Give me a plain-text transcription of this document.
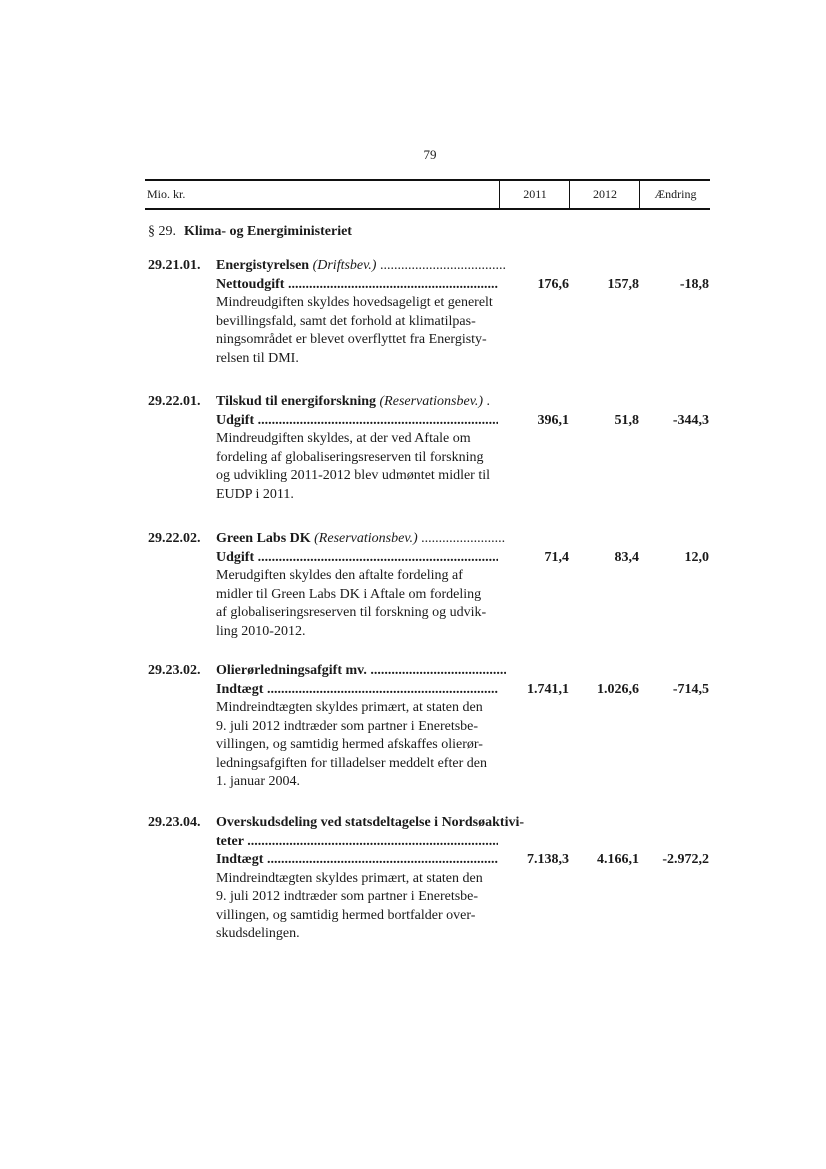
79
Mio. kr.	2011	2012	Ændring
§ 29. Klima- og Energiministeriet
29.21.01. Energistyrelsen (Driftsbev.) .....
Nettoudgift .....
Mindreudgiften skyldes hovedsageligt et generelt
bevillingsfald, samt det forhold at klimatilpas-
ningsområdet er blevet overflyttet fra Energisty-
relsen til DMI.
176,6	157,8	-18,8
29.22.01. Tilskud til energiforskning (Reservationsbev.) .
Udgift .....
Mindreudgiften skyldes, at der ved Aftale om
fordeling af globaliseringsreserven til forskning
og udvikling 2011-2012 blev udmøntet midler til
EUDP i 2011.
396,1	51,8	-344,3
29.22.02. Green Labs DK (Reservationsbev.) .....
Udgift .....
Merudgiften skyldes den aftalte fordeling af
midler til Green Labs DK i Aftale om fordeling
af globaliseringsreserven til forskning og udvik-
ling 2010-2012.
71,4	83,4	12,0
29.23.02. Olierørledningsafgift mv. .....
Indtægt .....
Mindreindtægten skyldes primært, at staten den
9. juli 2012 indtræder som partner i Eneretsbe-
villingen, og samtidig hermed afskaffes olierør-
ledningsafgiften for tilladelser meddelt efter den
1. januar 2004.
1.741,1	1.026,6	-714,5
29.23.04. Overskudsdeling ved statsdeltagelse i Nordsøaktivi-
teter .....
Indtægt .....
Mindreindtægten skyldes primært, at staten den
9. juli 2012 indtræder som partner i Eneretsbe-
villingen, og samtidig hermed bortfalder over-
skudsdelingen.
7.138,3	4.166,1	-2.972,2
